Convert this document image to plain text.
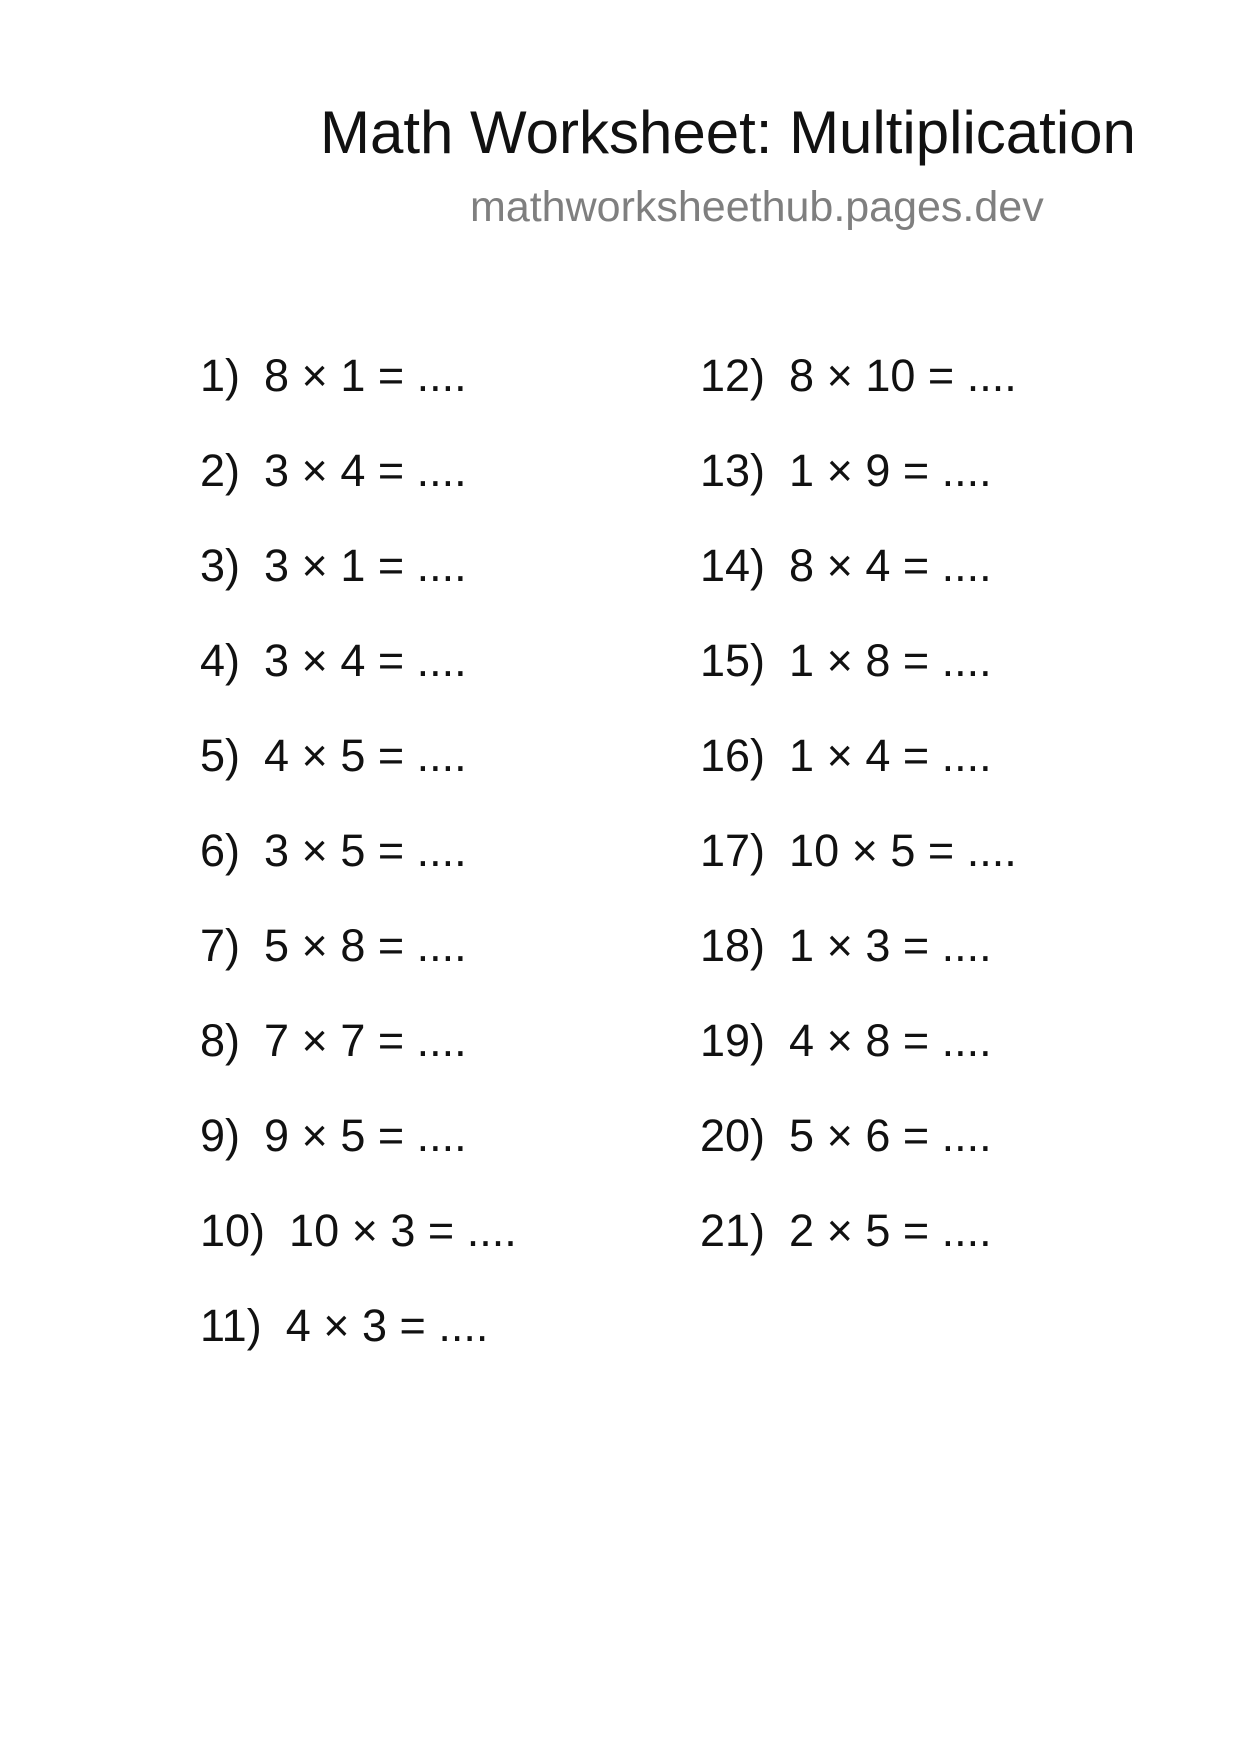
Math Worksheet: Multiplication
mathworksheethub.pages.dev
1) 8 × 1 = ....
2) 3 × 4 = ....
3) 3 × 1 = ....
4) 3 × 4 = ....
5) 4 × 5 = ....
6) 3 × 5 = ....
7) 5 × 8 = ....
8) 7 × 7 = ....
9) 9 × 5 = ....
10) 10 × 3 = ....
11) 4 × 3 = ....
12) 8 × 10 = ....
13) 1 × 9 = ....
14) 8 × 4 = ....
15) 1 × 8 = ....
16) 1 × 4 = ....
17) 10 × 5 = ....
18) 1 × 3 = ....
19) 4 × 8 = ....
20) 5 × 6 = ....
21) 2 × 5 = ....
